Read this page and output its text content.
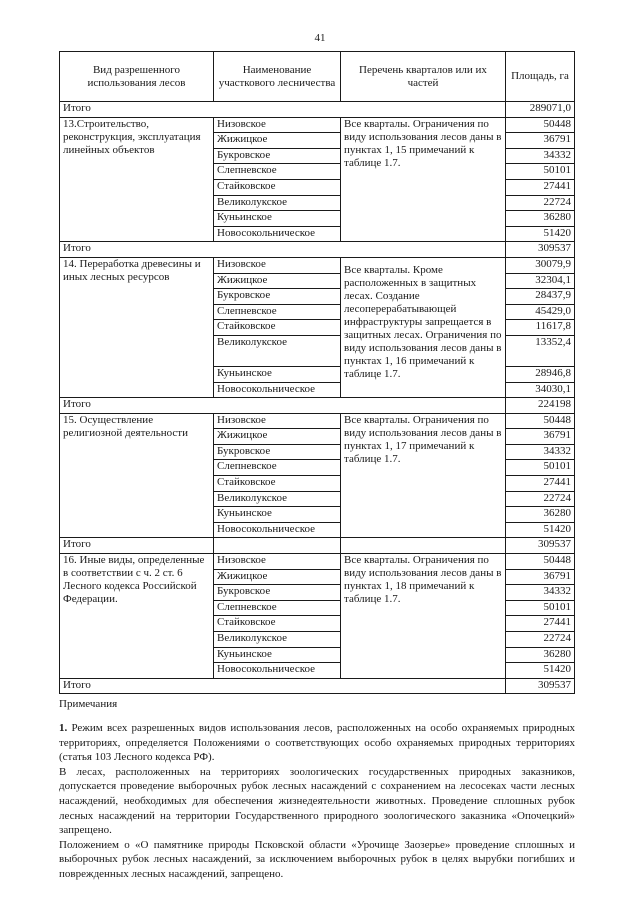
41
Вид разрешенного использования лесов	Наименование участкового лесничества	Перечень кварталов или их частей	Площадь, га
Итого			289071,0
13.Строительство, реконструкция, эксплуатация линейных объектов	Низовское	Все кварталы. Ограничения по виду использования лесов даны в пунктах 1, 15 примечаний к таблице 1.7.	50448
	Жижицкое		36791
	Букровское		34332
	Слепневское		50101
	Стайковское		27441
	Великолукское		22724
	Куньинское		36280
	Новосокольническое		51420
Итого			309537
14. Переработка древесины и иных лесных ресурсов	Низовское	Все кварталы. Кроме расположенных в защитных лесах. Создание лесоперерабатывающей инфраструктуры запрещается в защитных лесах. Ограничения по виду использования лесов даны в пунктах 1, 16 примечаний к таблице 1.7.	30079,9
	Жижицкое		32304,1
	Букровское		28437,9
	Слепневское		45429,0
	Стайковское		11617,8
	Великолукское		13352,4
	Куньинское		28946,8
	Новосокольническое		34030,1
Итого			224198
15. Осуществление религиозной деятельности	Низовское	Все кварталы. Ограничения по виду использования лесов даны в пунктах 1, 17 примечаний к таблице 1.7.	50448
	Жижицкое		36791
	Букровское		34332
	Слепневское		50101
	Стайковское		27441
	Великолукское		22724
	Куньинское		36280
	Новосокольническое		51420
Итого			309537
16. Иные виды, определенные в соответствии с ч. 2 ст. 6 Лесного кодекса Российской Федерации.	Низовское	Все кварталы. Ограничения по виду использования лесов даны в пунктах 1, 18 примечаний к таблице 1.7.	50448
	Жижицкое		36791
	Букровское		34332
	Слепневское		50101
	Стайковское		27441
	Великолукское		22724
	Куньинское		36280
	Новосокольническое		51420
Итого			309537
Примечания

1. Режим всех разрешенных видов использования лесов, расположенных на особо охраняемых природных территориях, определяется Положениями о соответствующих особо охраняемых природных территориях (статья 103 Лесного кодекса РФ).

В лесах, расположенных на территориях зоологических государственных природных заказников, допускается проведение выборочных рубок лесных насаждений с сохранением на лесосеках части лесных насаждений, необходимых для обеспечения жизнедеятельности животных. Проведение сплошных рубок лесных насаждений на территории Государственного природного зоологического заказника «Опочецкий» запрещено.

Положением о «О памятнике природы Псковской области «Урочище Заозерье» проведение сплошных и выборочных рубок лесных насаждений, за исключением выборочных рубок в целях вырубки погибших и поврежденных лесных насаждений, запрещено.
